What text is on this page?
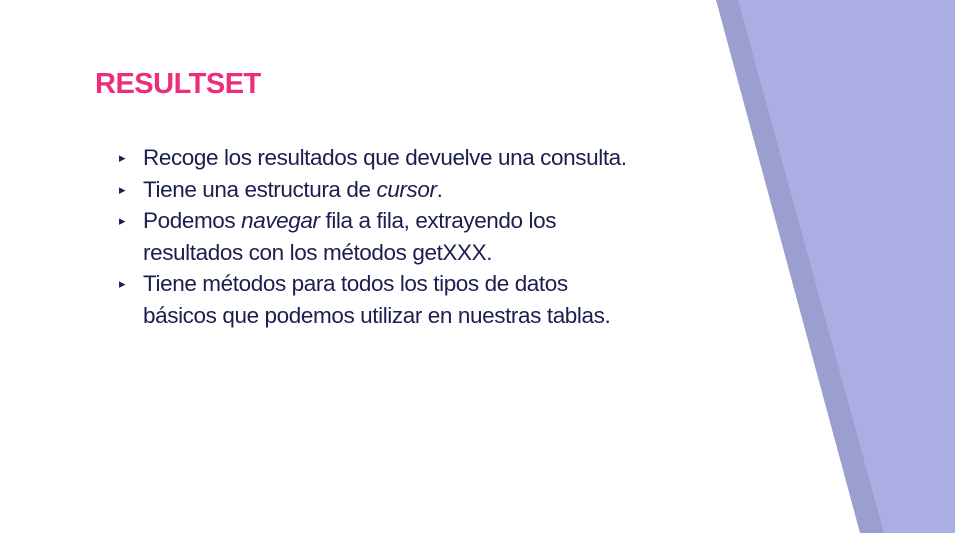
RESULTSET
▸ Recoge los resultados que devuelve una consulta.
▸ Tiene una estructura de cursor.
▸ Podemos navegar fila a fila, extrayendo los resultados con los métodos getXXX.
▸ Tiene métodos para todos los tipos de datos básicos que podemos utilizar en nuestras tablas.
